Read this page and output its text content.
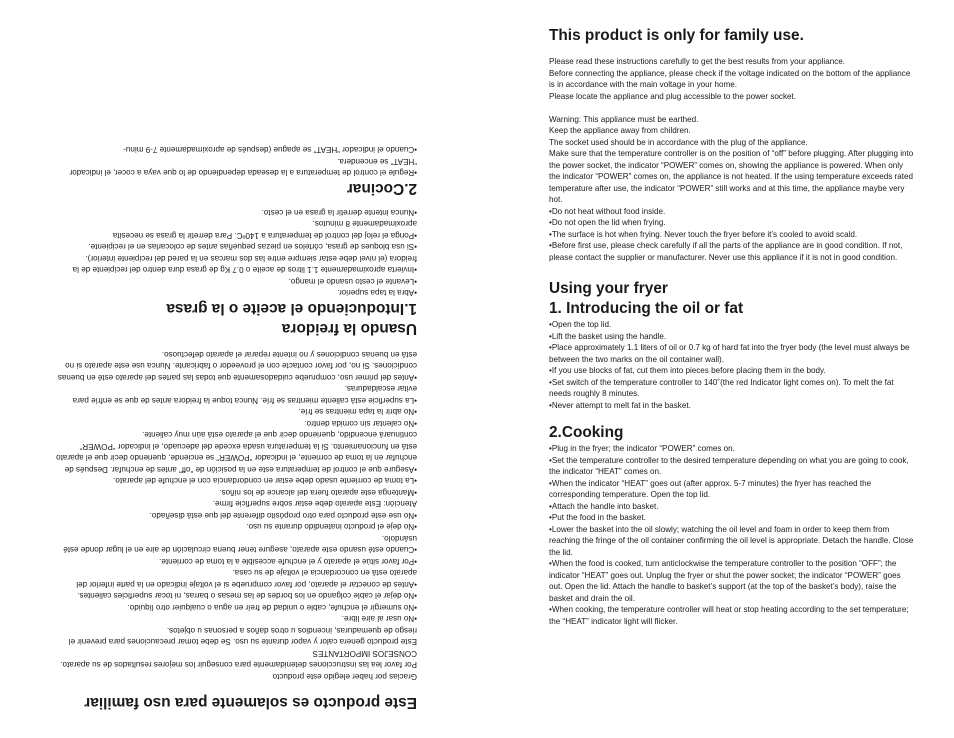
This product is only for family use.

Please read these instructions carefully to get the best results from your appliance.

Before connecting the appliance, please check if the voltage indicated on the bottom of the appliance is in accordance with the main voltage in your home.

Please locate the appliance and plug accessible to the power socket.

Warning: This appliance must be earthed.

Keep the appliance away from children.

The socket used should be in accordance with the plug of the appliance.

Make sure that the temperature controller is on the position of “off” before plugging. After plugging into the power socket, the indicator “POWER” comes on, showing the appliance is powered. When only the indicator “POWER” comes on, the appliance is not heated. If the using temperature exceeds rated temperature after use, the indicator “POWER” still works and at this time, the appliance maybe very hot.

•Do not heat without food inside.

•Do not open the lid when frying.

•The surface is hot when frying. Never touch the fryer before it’s cooled to avoid scald.

•Before first use, please check carefully if all the parts of the appliance are in good condition. If not, please contact the supplier or manufacturer. Never use this appliance if it is not in good condition.

Using your fryer
1. Introducing the oil or fat

•Open the top lid.

•Lift the basket using the handle.

•Place approximately 1.1 liters of oil or 0.7 kg of hard fat into the fryer body (the level must always be between the two marks on the oil container wall).

•If you use blocks of fat, cut them into pieces before placing them in the body.

•Set switch of the temperature controller to 140˚(the red Indicator light comes on). To melt the fat needs roughly 8 minutes.

•Never attempt to melt fat in the basket.

2.Cooking

•Plug in the fryer; the indicator “POWER” comes on.

•Set the temperature controller to the desired temperature depending on what you are going to cook, the indicator “HEAT” comes on.

•When the indicator “HEAT” goes out (after approx. 5-7 minutes) the fryer has reached the corresponding temperature. Open the top lid.

•Attach the handle into basket.

•Put the food in the basket.

•Lower the basket into the oil slowly; watching the oil level and foam in order to keep them from reaching the fringe of the oil container confirming the oil level is appropriate. Detach the handle. Close the lid.

•When the food is cooked, turn anticlockwise the temperature controller to the position “OFF”; the indicator “HEAT” goes out. Unplug the fryer or shut the power socket; the indicator “POWER” goes out. Open the lid. Attach the handle to basket’s support (at the top of the basket’s body), raise the basket and drain the oil.

•When cooking, the temperature controller will heat or stop heating according to the set temperature; the “HEAT” indicator light will flicker.

Este producto es solamente para uso familiar

Gracias por haber elegido este producto

Por favor lea las instrucciones detenidamente para conseguir los mejores resultados de su aparato.

CONSEJOS IMPORTANTES

Este producto genera calor y vapor durante su uso. Se debe tomar precauciones para prevenir el riesgo de quemaduras, incendios u otros daños a personas u objetos.

•No usar al aire libre.

•No sumergir el enchufe, cable o unidad de freír en agua o cualquier otro líquido.

•No dejar el cable colgando en los bordes de las mesas o barras, ni tocar superficies calientes.

•Antes de conectar el aparato, por favor compruebe si el voltaje indicado en la parte inferior del aparato está en concordancia el voltaje de su casa.

•Por favor sitúe el aparato y el enchufe accesible a la toma de corriente.

•Cuando esté usando este aparato, asegure tener buena circulación de aire en el lugar donde esté usándolo.

•No deje el producto inatendido durante su uso.

•No use este producto para otro propósito diferente del que está diseñado.

Atención: Este aparato debe estar sobre superficie firme.

•Mantenga este aparato fuera del alcance de los niños.

•La toma de corriente usado debe estar en condordancia con el enchufe del aparato.

•Asegure que el control de temperatura este en la posición de “off” antes de enchufar. Después de enchufar en la toma de corriente, el indicador “POWER” se enciende, queriendo decir que el aparato está en funcionamiento. Si la temperatura usada excede del adecuado, el indicador “POWER” continuará encendido, queriendo decir que el aparato está aún muy caliente.

•No calentar sin comida dentro.

•No abrir la tapa mientras se fríe.

•La superficie está caliente mientras se fríe. Nunca toque la freidora antes de que se enfríe para evitar escaldaduras.

•Antes del primer uso, compruebe cuidadosamente que todas las partes del aparato esté en buenas condiciones. Si no, por favor contacte con el proveedor o fabricante. Nunca use este aparato si no está en buenas condiciones y no intente reparar el aparato defectuoso.

Usando la freidora
1.Intoduciendo el aceite o la grasa

•Abra la tapa superior.

•Levante el cesto usando el mango.

•Invierta aproximadamente 1.1 litros de aceite o 0.7 Kg de grasa dura dentro del recipiente de la freidora (el nivel debe estar siempre entre las dos marcas en la pared del recipiente interior).

•Si usa bloques de grasa, córtelos en piezas pequeñas antes de colocarlas en el recipiente.

•Ponga el reloj del control de temperatura a 140ºC. Para derretir la grasa se necesita aproximadamente 8 minutos.

•Nunca intente derretir la grasa en el cesto.

2.Cocinar

•Regule el control de temperatura a la deseada dependiendo de lo que vaya a cocer, el indicador “HEAT” se encendera.

•Cuando el indicador “HEAT” se apague (después de aproximadamente 7-9 minu-
